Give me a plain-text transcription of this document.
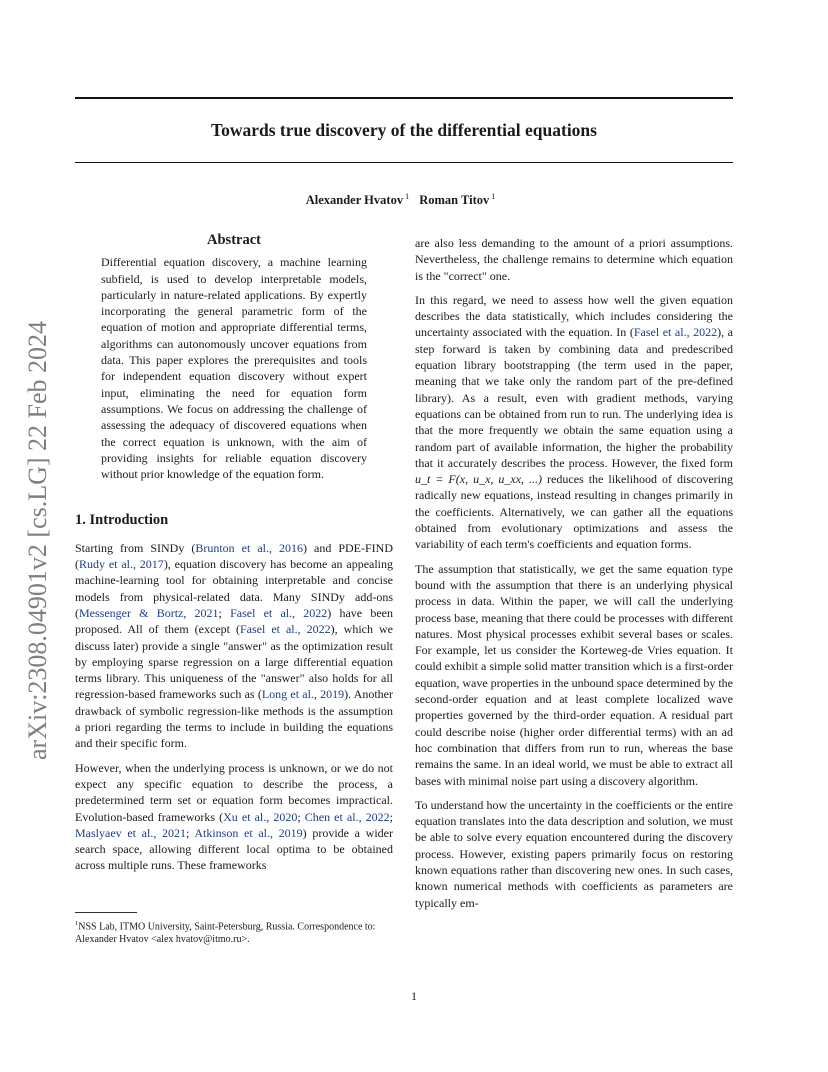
Towards true discovery of the differential equations

Alexander Hvatov $^1$ Roman Titov $^1$

arXiv:2308.04901v2 [cs.LG] 22 Feb 2024
Abstract

Differential equation discovery, a machine learning subfield, is used to develop interpretable models, particularly in nature-related applications. By expertly incorporating the general parametric form of the equation of motion and appropriate differential terms, algorithms can autonomously uncover equations from data. This paper explores the prerequisites and tools for independent equation discovery without expert input, eliminating the need for equation form assumptions. We focus on addressing the challenge of assessing the adequacy of discovered equations when the correct equation is unknown, with the aim of providing insights for reliable equation discovery without prior knowledge of the equation form.

1. Introduction

Starting from SINDy (Brunton et al., 2016) and PDE-FIND (Rudy et al., 2017), equation discovery has become an appealing machine-learning tool for obtaining interpretable and concise models from physical-related data. Many SINDy add-ons (Messenger & Bortz, 2021; Fasel et al., 2022) have been proposed. All of them (except (Fasel et al., 2022), which we discuss later) provide a single "answer" as the optimization result by employing sparse regression on a large differential equation terms library. This uniqueness of the "answer" also holds for all regression-based frameworks such as (Long et al., 2019). Another drawback of symbolic regression-like methods is the assumption a priori regarding the terms to include in building the equations and their specific form.

However, when the underlying process is unknown, or we do not expect any specific equation to describe the process, a predetermined term set or equation form becomes impractical. Evolution-based frameworks (Xu et al., 2020; Chen et al., 2022; Maslyaev et al., 2021; Atkinson et al., 2019) provide a wider search space, allowing different local optima to be obtained across multiple runs. These frameworks

$^1$NSS Lab, ITMO University, Saint-Petersburg, Russia. Correspondence to: Alexander Hvatov <alex hvatov@itmo.ru>.

are also less demanding to the amount of a priori assumptions. Nevertheless, the challenge remains to determine which equation is the "correct" one.

In this regard, we need to assess how well the given equation describes the data statistically, which includes considering the uncertainty associated with the equation. In (Fasel et al., 2022), a step forward is taken by combining data and predescribed equation library bootstrapping (the term used in the paper, meaning that we take only the random part of the pre-defined library). As a result, even with gradient methods, varying equations can be obtained from run to run. The underlying idea is that the more frequently we obtain the same equation using a random part of available information, the higher the probability that it accurately describes the process. However, the fixed form u_t = F(x, u_x, u_xx, ...) reduces the likelihood of discovering radically new equations, instead resulting in changes primarily in the coefficients. Alternatively, we can gather all the equations obtained from evolutionary optimizations and assess the variability of each term's coefficients and equation forms.

The assumption that statistically, we get the same equation type bound with the assumption that there is an underlying physical process in data. Within the paper, we will call the underlying process base, meaning that there could be processes with different natures. Most physical processes exhibit several bases or scales. For example, let us consider the Korteweg-de Vries equation. It could exhibit a simple solid matter transition which is a first-order equation, wave properties in the unbound space determined by the second-order equation and at least complete localized wave properties governed by the third-order equation. A residual part could describe noise (higher order differential terms) with an ad hoc combination that differs from run to run, whereas the base remains the same. In an ideal world, we must be able to extract all bases with minimal noise part using a discovery algorithm.

To understand how the uncertainty in the coefficients or the entire equation translates into the data description and solution, we must be able to solve every equation encountered during the discovery process. However, existing papers primarily focus on restoring known equations rather than discovering new ones. In such cases, known numerical methods with coefficients as parameters are typically em-

1
